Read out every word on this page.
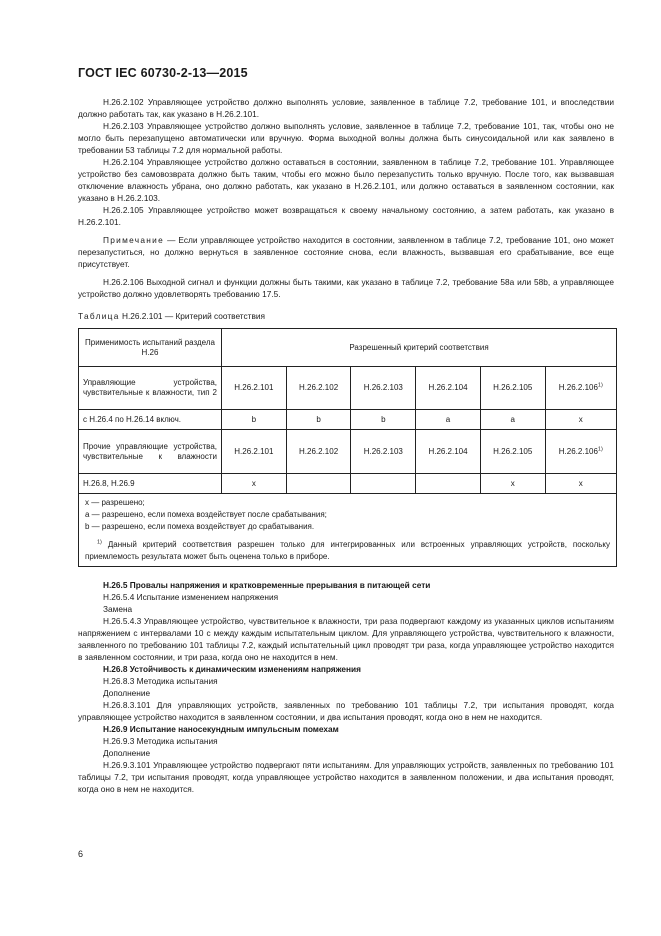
ГОСТ IEC 60730-2-13—2015

Н.26.2.102 Управляющее устройство должно выполнять условие, заявленное в таблице 7.2, требование 101, и впоследствии должно работать так, как указано в Н.26.2.101.

Н.26.2.103 Управляющее устройство должно выполнять условие, заявленное в таблице 7.2, требование 101, так, чтобы оно не могло быть перезапущено автоматически или вручную. Форма выходной волны должна быть синусоидальной или как заявлено в требовании 53 таблицы 7.2 для нормальной работы.

Н.26.2.104 Управляющее устройство должно оставаться в состоянии, заявленном в таблице 7.2, требование 101. Управляющее устройство без самовозврата должно быть таким, чтобы его можно было перезапустить только вручную. После того, как вызвавшая отключение влажность убрана, оно должно работать, как указано в Н.26.2.101, или должно оставаться в заявленном состоянии, как указано в Н.26.2.103.

Н.26.2.105 Управляющее устройство может возвращаться к своему начальному состоянию, а затем работать, как указано в Н.26.2.101.

Примечание — Если управляющее устройство находится в состоянии, заявленном в таблице 7.2, требование 101, оно может перезапуститься, но должно вернуться в заявленное состояние снова, если влажность, вызвавшая его срабатывание, все еще присутствует.

Н.26.2.106 Выходной сигнал и функции должны быть такими, как указано в таблице 7.2, требование 58а или 58b, а управляющее устройство должно удовлетворять требованию 17.5.

Таблица Н.26.2.101 — Критерий соответствия
Применимость испытаний раздела Н.26	Разрешенный критерий соответствия					
Управляющие устройства, чувствительные к влажности, тип 2	Н.26.2.101	Н.26.2.102	Н.26.2.103	Н.26.2.104	Н.26.2.105	Н.26.2.106$^{1)}$
с Н.26.4 по Н.26.14 включ.	b	b	b	a	a	x
Прочие управляющие устройства, чувствительные к влажности	Н.26.2.101	Н.26.2.102	Н.26.2.103	Н.26.2.104	Н.26.2.105	Н.26.2.106$^{1)}$
Н.26.8, Н.26.9	x				x	x

x — разрешено;
a — разрешено, если помеха воздействует после срабатывания;
b — разрешено, если помеха воздействует до срабатывания.
$^{1)}$ Данный критерий соответствия разрешен только для интегрированных или встроенных управляющих устройств, поскольку приемлемость результата может быть оценена только в приборе.						

Н.26.5 Провалы напряжения и кратковременные прерывания в питающей сети

Н.26.5.4 Испытание изменением напряжения

Замена

Н.26.5.4.3 Управляющее устройство, чувствительное к влажности, три раза подвергают каждому из указанных циклов испытаниям напряжением с интервалами 10 с между каждым испытательным циклом. Для управляющего устройства, чувствительного к влажности, заявленного по требованию 101 таблицы 7.2, каждый испытательный цикл проводят три раза, когда управляющее устройство находится в заявленном состоянии, и три раза, когда оно не находится в нем.

Н.26.8 Устойчивость к динамическим изменениям напряжения

Н.26.8.3 Методика испытания

Дополнение

Н.26.8.3.101 Для управляющих устройств, заявленных по требованию 101 таблицы 7.2, три испытания проводят, когда управляющее устройство находится в заявленном состоянии, и два испытания проводят, когда оно в нем не находится.

Н.26.9 Испытание наносекундным импульсным помехам

Н.26.9.3 Методика испытания

Дополнение

Н.26.9.3.101 Управляющее устройство подвергают пяти испытаниям. Для управляющих устройств, заявленных по требованию 101 таблицы 7.2, три испытания проводят, когда управляющее устройство находится в заявленном положении, и два испытания проводят, когда оно в нем не находится.

6
